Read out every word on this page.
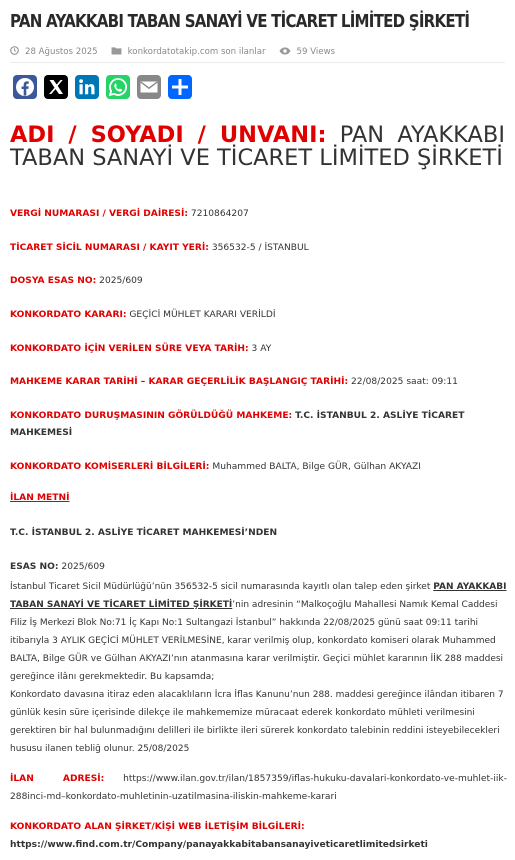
PAN AYAKKABI TABAN SANAYİ VE TİCARET LİMİTED ŞİRKETİ
28 Ağustos 2025	konkordatotakip.com son ilanlar	59 Views
ADI / SOYADI / UNVANI: PAN AYAKKABI TABAN SANAYİ VE TİCARET LİMİTED ŞİRKETİ
VERGİ NUMARASI / VERGİ DAİRESİ: 7210864207
TİCARET SİCİL NUMARASI / KAYIT YERİ: 356532-5 / İSTANBUL
DOSYA ESAS NO: 2025/609
KONKORDATO KARARI: GEÇİCİ MÜHLET KARARI VERİLDİ
KONKORDATO İÇİN VERİLEN SÜRE VEYA TARİH: 3 AY
MAHKEME KARAR TARİHİ – KARAR GEÇERLİLİK BAŞLANGIÇ TARİHİ: 22/08/2025 saat: 09:11
KONKORDATO DURUŞMASININ GÖRÜLDÜĞÜ MAHKEME: T.C. İSTANBUL 2. ASLİYE TİCARET MAHKEMESİ
KONKORDATO KOMİSERLERİ BİLGİLERİ: Muhammed BALTA, Bilge GÜR, Gülhan AKYAZI
İLAN METNİ
T.C. İSTANBUL 2. ASLİYE TİCARET MAHKEMESİ’NDEN
ESAS NO: 2025/609

İstanbul Ticaret Sicil Müdürlüğü’nün 356532-5 sicil numarasında kayıtlı olan talep eden şirket PAN AYAKKABI TABAN SANAYİ VE TİCARET LİMİTED ŞİRKETİ’nin adresinin “Malkoçoğlu Mahallesi Namık Kemal Caddesi Filiz İş Merkezi Blok No:71 İç Kapı No:1 Sultangazi İstanbul” hakkında 22/08/2025 günü saat 09:11 tarihi itibarıyla 3 AYLIK GEÇİCİ MÜHLET VERİLMESİNE, karar verilmiş olup, konkordato komiseri olarak Muhammed BALTA, Bilge GÜR ve Gülhan AKYAZI’nın atanmasına karar verilmiştir. Geçici mühlet kararının İİK 288 maddesi gereğince ilânı gerekmektedir. Bu kapsamda;

Konkordato davasına itiraz eden alacaklıların İcra İflas Kanunu’nun 288. maddesi gereğince ilândan itibaren 7 günlük kesin süre içerisinde dilekçe ile mahkememize müracaat ederek konkordato mühleti verilmesini gerektiren bir hal bulunmadığını delilleri ile birlikte ileri sürerek konkordato talebinin reddini isteyebilecekleri hususu ilanen tebliğ olunur. 25/08/2025

İLAN ADRESİ: https://www.ilan.gov.tr/ilan/1857359/iflas-hukuku-davalari-konkordato-ve-muhlet-iik-288inci-md–konkordato-muhletinin-uzatilmasina-iliskin-mahkeme-karari
KONKORDATO ALAN ŞİRKET/KİŞİ WEB İLETİŞİM BİLGİLERİ:
https://www.find.com.tr/Company/panayakkabitabansanayiveticaretlimitedsirketi
